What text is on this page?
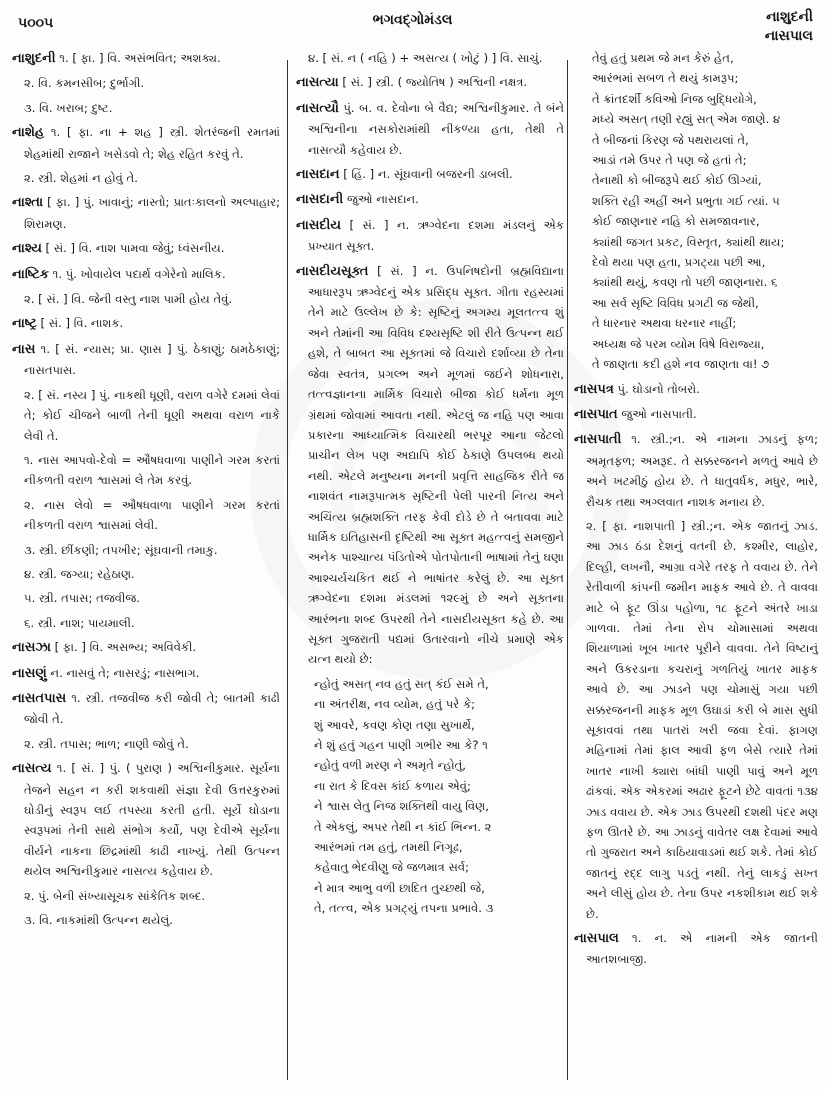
૫૦૦૫	ભગવદ્ગોમંડલ	નાશુદની
નાસપાલ
નાશુદની ૧. [ ફા. ] વિ. અસંભવિત; અશક્ય.
૨. વિ. કમનસીબ; દુર્ભાગી.
૩. વિ. ખરાબ; દુષ્ટ.
નાશેહ ૧. [ ફા. ના + શહ ] સ્ત્રી. શેતરંજની રમતમાં શેહમાંથી રાજાને ખસેડવો તે; શેહ રહિત કરવું તે.
૨. સ્ત્રી. શેહમાં ન હોવું તે.
નાશ્તા [ ફા. ] પું. ખાવાનું; નાસ્તો; પ્રાતઃકાલનો અલ્પાહાર; શિરામણ.
નાશ્ય [ સં. ] વિ. નાશ પામવા જેવું; ધ્વંસનીય.
નાષ્ટિક ૧. પું. ખોવાયેલ પદાર્થ વગેરેનો માલિક.
૨. [ સં. ] વિ. જેની વસ્તુ નાશ પામી હોય તેવું.
નાષ્ટ્ર [ સં. ] વિ. નાશક.
નાસ ૧. [ સં. ન્યાસ; પ્રા. ણાસ ] પું. ઠેકાણું; ઠામઠેકાણું; નાસતપાસ.
૨. [ સં. નસ્ય ] પું. નાકથી ધૂણી, વરાળ વગેરે દમમાં લેવાં તે; કોઈ ચીજને બાળી તેની ધૂણી અથવા વરાળ નાકે લેવી તે.
૧. નાસ આપવો-દેવો = ઔષધવાળા પાણીને ગરમ કરતાં નીકળતી વરાળ શ્વાસમાં લે તેમ કરવું.
૨. નાસ લેવો = ઔષધવાળા પાણીને ગરમ કરતાં નીકળતી વરાળ શ્વાસમાં લેવી.
૩. સ્ત્રી. છીંકણી; તપખીર; સૂંઘવાની તમાકુ.
૪. સ્ત્રી. જગ્યા; રહેઠાણ.
૫. સ્ત્રી. તપાસ; તજવીજ.
૬. સ્ત્રી. નાશ; પાયમાલી.
નાસઝા [ ફા. ] વિ. અસભ્ય; અવિવેકી.
નાસણું ન. નાસવું તે; નાસરડું; નાસભાગ.
નાસતપાસ ૧. સ્ત્રી. તજવીજ કરી જોવી તે; બાતમી કાઢી જોવી તે.
૨. સ્ત્રી. તપાસ; ભાળ; નાણી જોવું તે.
નાસત્ય ૧. [ સં. ] પું. ( પુરાણ ) અશ્વિનીકુમાર. સૂર્યના તેજને સહન ન કરી શકવાથી સંજ્ઞા દેવી ઉત્તરકુરુમાં ઘોડીનું સ્વરૂપ લઈ તપસ્યા કરતી હતી. સૂર્યે ઘોડાના સ્વરૂપમાં તેની સાથે સંભોગ કર્યો, પણ દેવીએ સૂર્યના વીર્યને નાકના છિદ્રમાંથી કાઢી નાખ્યું. તેથી ઉત્પન્ન થયેલ અશ્વિનીકુમાર નાસત્ય કહેવાય છે.
૨. પું. બેની સંખ્યાસૂચક સાંકેતિક શબ્દ.
૩. વિ. નાકમાંથી ઉત્પન્ન થયેલું.
૪. [ સં. ન ( નહિ ) + અસત્ય ( ખોટું ) ] વિ. સાચું.
નાસત્યા [ સં. ] સ્ત્રી. ( જ્યોતિષ ) અશ્વિની નક્ષત્ર.
નાસત્યૌ પું. બ. વ. દેવોના બે વૈદ્ય; અશ્વિનીકુમાર. તે બંને અશ્વિનીના નસકોરામાંથી નીકળ્યા હતા, તેથી તે નાસત્યૌ કહેવાય છે.
નાસદાન [ હિં. ] ન. સૂંઘવાની બજરની ડાબલી.
નાસદાની જુઓ નાસદાન.
નાસદીય [ સં. ] ન. ઋગ્વેદના દશમા મંડલનું એક પ્રખ્યાત સૂક્ત.
નાસદીયસૂક્ત [ સં. ] ન. ઉપનિષદોની બ્રહ્મવિદ્યાના આધારરૂપ ઋગ્વેદનું એક પ્રસિદ્ધ સૂક્ત. ગીતા રહસ્યમાં તેને માટે ઉલ્લેખ છે કે: સૃષ્ટિનું અગમ્ય મૂલતત્ત્વ શું અને તેમાંની આ વિવિધ દશ્યસૃષ્ટિ શી રીતે ઉત્પન્ન થઈ હશે, તે બાબત આ સૂક્તમાં જે વિચારો દર્શાવ્યા છે તેના જેવા સ્વતંત્ર, પ્રગલ્ભ અને મૂળમાં જઈને શોધનારા, તત્ત્વજ્ઞાનના માર્મિક વિચારો બીજા કોઈ ધર્મના મૂળ ગ્રંથમાં જોવામાં આવતા નથી. એટલું જ નહિ પણ આવા પ્રકારના આધ્યાત્મિક વિચારથી ભરપૂર આના જેટલો પ્રાચીન લેખ પણ અદ્યાપિ કોઈ ઠેકાણે ઉપલબ્ધ થયો નથી. એટલે મનુષ્યના મનની પ્રવૃત્તિ સાહજિક રીતે જ નાશવંત નામરૂપાત્મક સૃષ્ટિની પેલી પારની નિત્ય અને અચિંત્ય બ્રહ્મશક્તિ તરફ કેવી દોડે છે તે બતાવવા માટે ધાર્મિક ઇતિહાસની દૃષ્ટિથી આ સૂક્ત મહત્ત્વનું સમજીને અનેક પાશ્ચાત્ય પંડિતોએ પોતપોતાની ભાષામાં તેનું ઘણા આશ્ચર્યચકિત થઈ ને ભાષાંતર કરેલું છે. આ સૂક્ત ઋગ્વેદના દશમા મંડલમાં ૧૨૯મું છે અને સૂક્તના આરંભના શબ્દ ઉપરથી તેને નાસદીયસૂક્ત કહે છે. આ સૂક્ત ગુજરાતી પદ્યમાં ઉતારવાનો નીચે પ્રમાણે એક યત્ન થયો છે:
ન્હોતું અસત્ નવ હતું સત્ કંઈ સમે તે,
ના અંતરીક્ષ, નવ વ્યોમ, હતું પરે કે;
શું આવરે, કવણ કોણ તણા સુખાર્થે,
ને શું હતું ગહન પાણી ગભીર આ કે? ૧
ન્હોતું વળી મરણ ને અમૃતે ન્હોતું,
ના રાત કે દિવસ કાંઈ કળાય એવું;
ને શ્વાસ લેતુ નિજ શક્તિથી વાયુ વિણ,
તે એકલું, અપર તેથી ન કાંઈ ભિન્ન. ૨
આરંભમાં તમ હતું, તમથી નિગૂઢ,
કહેવાતુ ભેદવીણુ જે જળમાત્ર સર્વ;
ને માત્ર આભુ વળી છાદિત તુચ્છથી જે,
તે, તત્ત્વ, એક પ્રગટ્યું તપના પ્રભાવે. ૩
તેવું હતું પ્રથમ જે મન કેરું હેત,
આરંભમાં સબળ તે થયું કામરૂપ;
તે ક્રાંતદર્શી કવિઓ નિજ બુદ્ધિયોગે,
મધ્યે અસત્ તણી રહ્યું સત્ એમ જાણે. ૪
તે બીજનાં કિરણ જે પથરાયલાં તે,
આડાં તમે ઉપર તે પણ જે હતાં તે;
તેનાથી કો બીજરૂપે થઈ કોઈ ઊગ્યાં,
શક્તિ રહી અહીં અને પ્રભુતા ગઈ ત્યાં. ૫
કોઈ જાણનાર નહિ કો સમજાવનાર,
ક્યાંથી જગત પ્રકટ, વિસ્તૃત, ક્યાંથી થાય;
દેવો થયા પણ હતા, પ્રગટ્યા પછી આ,
ક્યાંથી થયું, કવણ તો પછી જાણનારા. ૬
આ સર્વ સૃષ્ટિ વિવિધ પ્રગટી જ જેથી,
તે ધારનાર અથવા ધરનાર નાહીં;
અધ્યક્ષ જે પરમ વ્યોમ વિષે વિરાજ્યા,
તે જાણતા કદી હશે નવ જાણતા વા! ૭
નાસપત્ર પું. ઘોડાનો તોબરો.
નાસપાત જુઓ નાસપાતી.
નાસપાતી ૧. સ્ત્રી.;ન. એ નામના ઝાડનું ફળ; અમૃતફળ; અમરૂદ. તે સક્કરજનને મળતું આવે છે અને ખટમીઠું હોય છે. તે ધાતુવર્ધક, મધુર, ભારે, રૌચક તથા અગ્લવાત નાશક મનાય છે.
૨. [ ફા. નાશપાતી ] સ્ત્રી.;ન. એક જાતનું ઝાડ. આ ઝાડ ઠંડા દેશનું વતની છે. કશ્મીર, લાહોર, દિલ્હી, લખનૌ, આગ્રા વગેરે તરફ તે વવાય છે. તેને રેતીવાળી કાંપની જમીન માફક આવે છે. તે વાવવા માટે બે ફૂટ ઊંડા પહોળા, ૧૮ ફૂટને અંતરે ખાડા ગાળવા. તેમાં તેના રોપ ચોમાસામાં અથવા શિયાળામાં ખૂબ ખાતર પૂરીને વાવવા. તેને વિષ્ટાનું અને ઉકરડાના કચરાનું ગળતિયું ખાતર માફક આવે છે. આ ઝાડને પણ ચોમાસું ગયા પછી સક્કરજનની માફક મૂળ ઉઘાડાં કરી બે માસ સુધી સૂકાવવાં તથા પાતરાં ખરી જવા દેવાં. ફાગણ મહિનામાં તેમાં ફાલ આવી ફળ બેસે ત્યારે તેમાં ખાતર નાખી ક્યારા બાંધી પાણી પાવું અને મૂળ ઢાંકવાં. એક એકરમાં અઢાર ફૂટને છેટે વાવતાં ૧૩૪ ઝાડ વવાય છે. એક ઝાડ ઉપરથી દશથી પંદર મણ ફળ ઊતરે છે. આ ઝાડનું વાવેતર લક્ષ દેવામાં આવે તો ગુજરાત અને કાઠિયાવાડમાં થઈ શકે. તેમાં કોઈ જાતનું રદ્દ લાગુ પડતું નથી. તેનું લાકડું સખ્ત અને લીસું હોય છે. તેના ઉપર નકશીકામ થઈ શકે છે.
નાસપાલ ૧. ન. એ નામની એક જાતની આતશબાજી.
